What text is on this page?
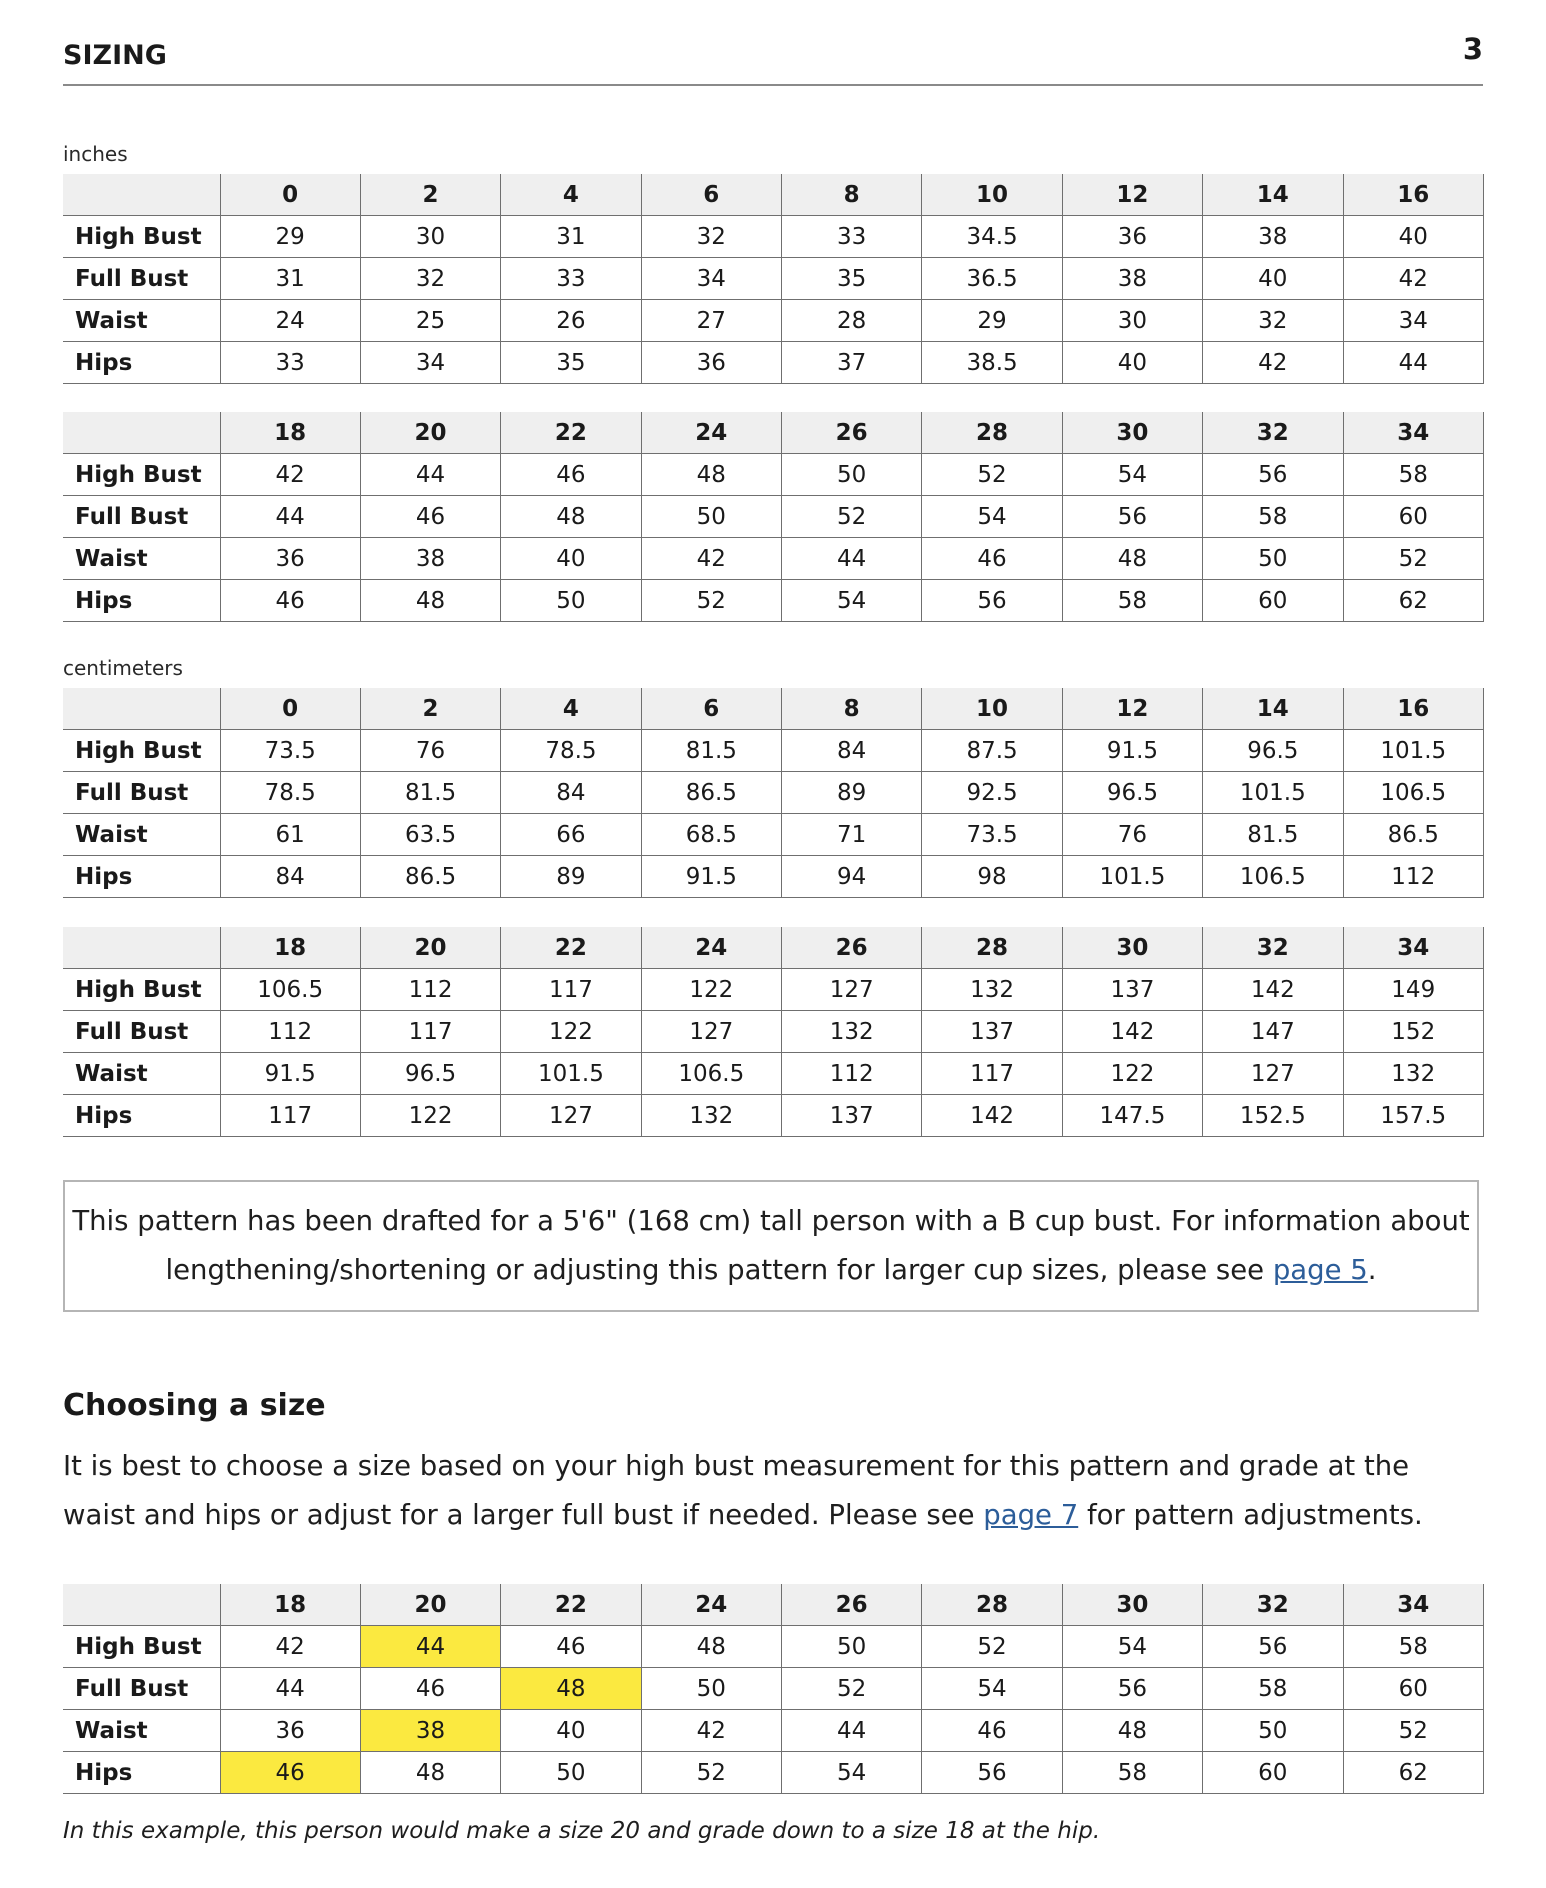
SIZING	3
inches
	0	2	4	6	8	10	12	14	16
High Bust	29	30	31	32	33	34.5	36	38	40
Full Bust	31	32	33	34	35	36.5	38	40	42
Waist	24	25	26	27	28	29	30	32	34
Hips	33	34	35	36	37	38.5	40	42	44
	18	20	22	24	26	28	30	32	34
High Bust	42	44	46	48	50	52	54	56	58
Full Bust	44	46	48	50	52	54	56	58	60
Waist	36	38	40	42	44	46	48	50	52
Hips	46	48	50	52	54	56	58	60	62
centimeters
	0	2	4	6	8	10	12	14	16
High Bust	73.5	76	78.5	81.5	84	87.5	91.5	96.5	101.5
Full Bust	78.5	81.5	84	86.5	89	92.5	96.5	101.5	106.5
Waist	61	63.5	66	68.5	71	73.5	76	81.5	86.5
Hips	84	86.5	89	91.5	94	98	101.5	106.5	112
	18	20	22	24	26	28	30	32	34
High Bust	106.5	112	117	122	127	132	137	142	149
Full Bust	112	117	122	127	132	137	142	147	152
Waist	91.5	96.5	101.5	106.5	112	117	122	127	132
Hips	117	122	127	132	137	142	147.5	152.5	157.5
This pattern has been drafted for a 5'6" (168 cm) tall person with a B cup bust. For information about lengthening/shortening or adjusting this pattern for larger cup sizes, please see page 5.
Choosing a size
It is best to choose a size based on your high bust measurement for this pattern and grade at the waist and hips or adjust for a larger full bust if needed. Please see page 7 for pattern adjustments.
	18	20	22	24	26	28	30	32	34
High Bust	42	44	46	48	50	52	54	56	58
Full Bust	44	46	48	50	52	54	56	58	60
Waist	36	38	40	42	44	46	48	50	52
Hips	46	48	50	52	54	56	58	60	62
In this example, this person would make a size 20 and grade down to a size 18 at the hip.
